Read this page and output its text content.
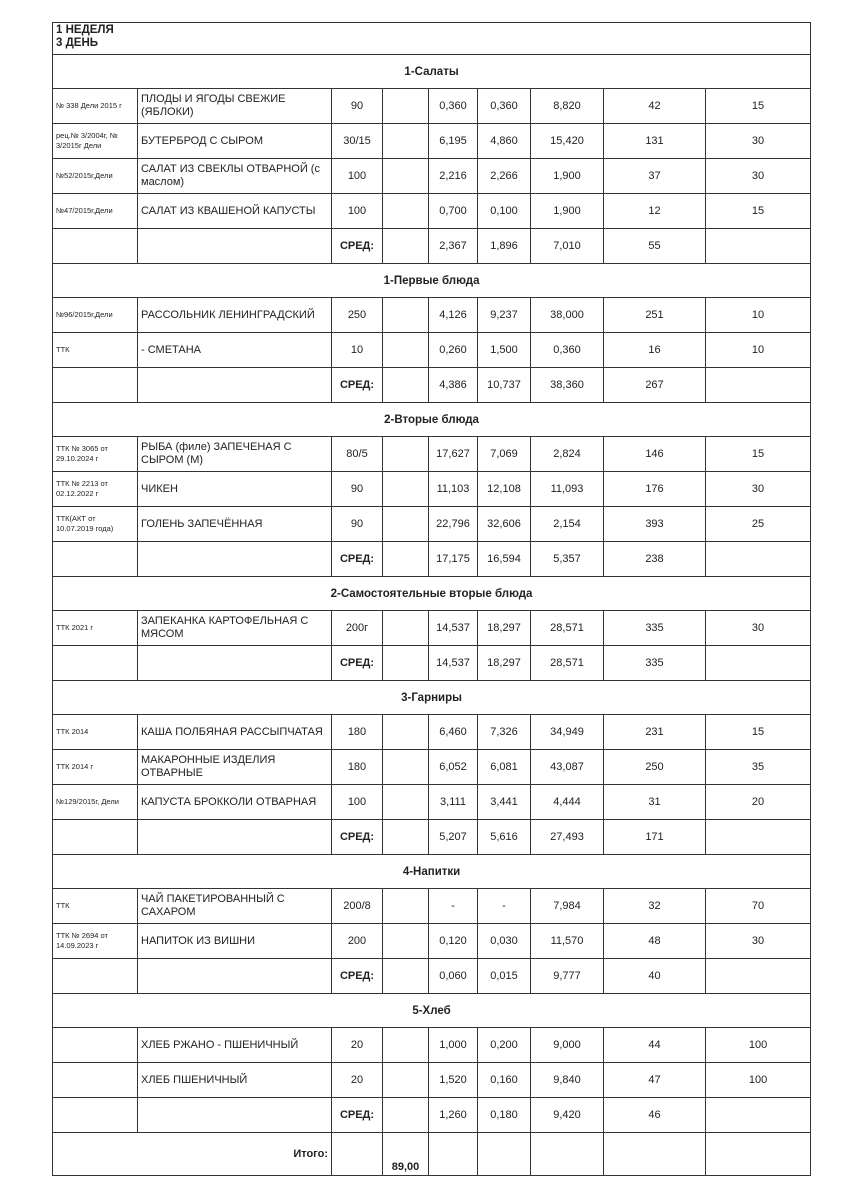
1 НЕДЕЛЯ
3 ДЕНЬ								

1-Салаты								
№ 338 Дели 2015 г	ПЛОДЫ И ЯГОДЫ СВЕЖИЕ (ЯБЛОКИ)	90		0,360	0,360	8,820	42	15
рец.№ 3/2004г, № 3/2015г Дели	БУТЕРБРОД С СЫРОМ	30/15		6,195	4,860	15,420	131	30
№52/2015г,Дели	САЛАТ ИЗ СВЕКЛЫ ОТВАРНОЙ (с маслом)	100		2,216	2,266	1,900	37	30
№47/2015г,Дели	САЛАТ ИЗ КВАШЕНОЙ КАПУСТЫ	100		0,700	0,100	1,900	12	15
		СРЕД:		2,367	1,896	7,010	55	
1-Первые блюда								
№96/2015г,Дели	РАССОЛЬНИК ЛЕНИНГРАДСКИЙ	250		4,126	9,237	38,000	251	10
ТТК	- СМЕТАНА	10		0,260	1,500	0,360	16	10
		СРЕД:		4,386	10,737	38,360	267	
2-Вторые блюда								
ТТК № 3065 от 29.10.2024 г	РЫБА (филе) ЗАПЕЧЕНАЯ С СЫРОМ (М)	80/5		17,627	7,069	2,824	146	15
ТТК № 2213 от 02.12.2022 г	ЧИКЕН	90		11,103	12,108	11,093	176	30
ТТК(АКТ от 10.07.2019 года)	ГОЛЕНЬ ЗАПЕЧЁННАЯ	90		22,796	32,606	2,154	393	25
		СРЕД:		17,175	16,594	5,357	238	
2-Самостоятельные вторые блюда								
ТТК 2021 г	ЗАПЕКАНКА КАРТОФЕЛЬНАЯ С МЯСОМ	200г		14,537	18,297	28,571	335	30
		СРЕД:		14,537	18,297	28,571	335	
3-Гарниры								
ТТК 2014	КАША ПОЛБЯНАЯ РАССЫПЧАТАЯ	180		6,460	7,326	34,949	231	15
ТТК 2014 г	МАКАРОННЫЕ ИЗДЕЛИЯ ОТВАРНЫЕ	180		6,052	6,081	43,087	250	35
№129/2015г, Дели	КАПУСТА БРОККОЛИ ОТВАРНАЯ	100		3,111	3,441	4,444	31	20
		СРЕД:		5,207	5,616	27,493	171	
4-Напитки								
ТТК	ЧАЙ ПАКЕТИРОВАННЫЙ С САХАРОМ	200/8		-	-	7,984	32	70
ТТК № 2694 от 14.09.2023 г	НАПИТОК ИЗ ВИШНИ	200		0,120	0,030	11,570	48	30
		СРЕД:		0,060	0,015	9,777	40	
5-Хлеб								
	ХЛЕБ РЖАНО - ПШЕНИЧНЫЙ	20		1,000	0,200	9,000	44	100
	ХЛЕБ ПШЕНИЧНЫЙ	20		1,520	0,160	9,840	47	100
		СРЕД:		1,260	0,180	9,420	46	
Итого:			89,00					
